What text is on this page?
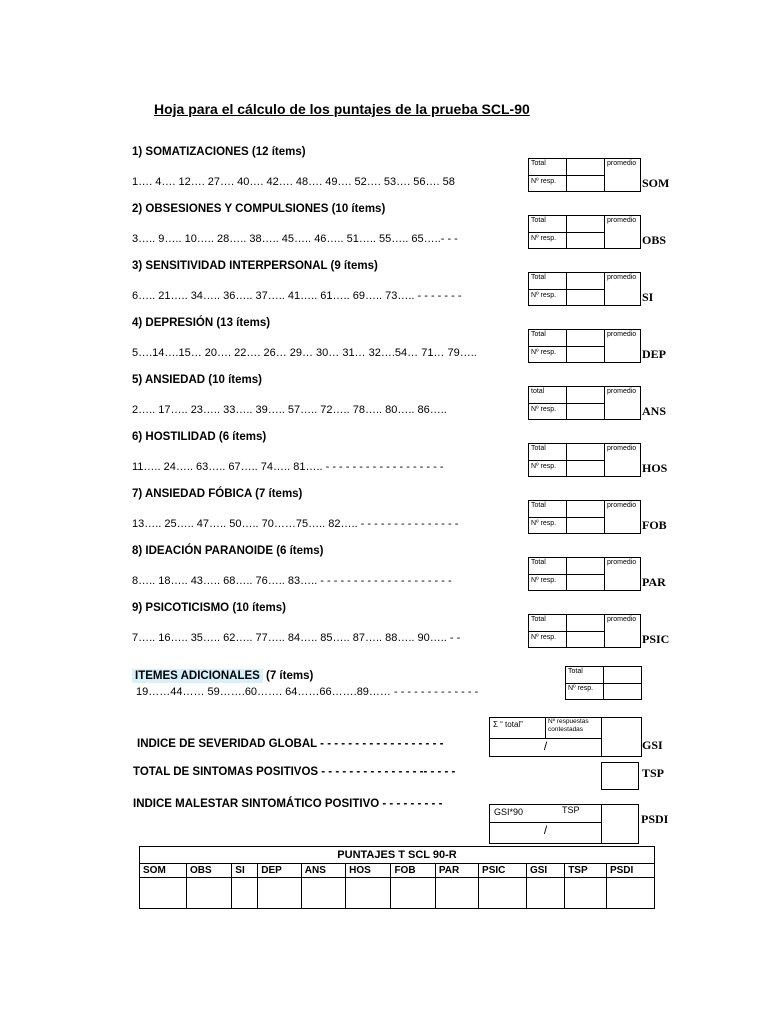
Hoja para el cálculo de los puntajes de la prueba SCL-90
1) SOMATIZACIONES (12 ítems)
1…. 4…. 12…. 27…. 40…. 42…. 48…. 49…. 52…. 53…. 56…. 58
Total	promedio
Nº resp.	SOM
2) OBSESIONES Y COMPULSIONES (10 ítems)
3….. 9….. 10….. 28….. 38….. 45….. 46….. 51….. 55….. 65…..- - -
Total	promedio
Nº resp.	OBS
3) SENSITIVIDAD INTERPERSONAL (9 ítems)
6….. 21….. 34….. 36….. 37….. 41….. 61….. 69….. 73….. - - - - - - -
Total	promedio
Nº resp.	SI
4) DEPRESIÓN (13 ítems)
5….14….15… 20…. 22…. 26… 29… 30… 31… 32….54… 71… 79…..
Total	promedio
Nº resp.	DEP
5) ANSIEDAD (10 ítems)
2….. 17….. 23….. 33….. 39….. 57….. 72….. 78….. 80….. 86…..
total	promedio
Nº resp.	ANS
6) HOSTILIDAD (6 ítems)
11….. 24….. 63….. 67….. 74….. 81….. - - - - - - - - - - - - - - - - - -
Total	promedio
Nº resp.	HOS
7) ANSIEDAD FÓBICA (7 ítems)
13….. 25….. 47….. 50….. 70……75….. 82….. - - - - - - - - - - - - - - -
Total	promedio
Nº resp.	FOB
8) IDEACIÓN PARANOIDE (6 ítems)
8….. 18….. 43….. 68….. 76….. 83….. - - - - - - - - - - - - - - - - - - - -
Total	promedio
Nº resp.	PAR
9) PSICOTICISMO (10 ítems)
7….. 16….. 35….. 62….. 77….. 84….. 85….. 87….. 88….. 90….. - -
Total	promedio
Nº resp.	PSIC
ITEMES ADICIONALES (7 ítems)
19……44…… 59…….60……. 64……66…….89…… - - - - - - - - - - - - -
Total
Nº resp.
Σ “ total”	Nº respuestas contestadas
/
INDICE DE SEVERIDAD GLOBAL - - - - - - - - - - - - - - - - - -	GSI
TOTAL DE SINTOMAS POSITIVOS - - - - - - - - - - - - - - -- - - - -	TSP
INDICE MALESTAR SINTOMÁTICO POSITIVO - - - - - - - - -
GSI*90	TSP
/
PSDI
PUNTAJES T SCL 90-R											
SOM	OBS	SI	DEP	ANS	HOS	FOB	PAR	PSIC	GSI	TSP	PSDI
